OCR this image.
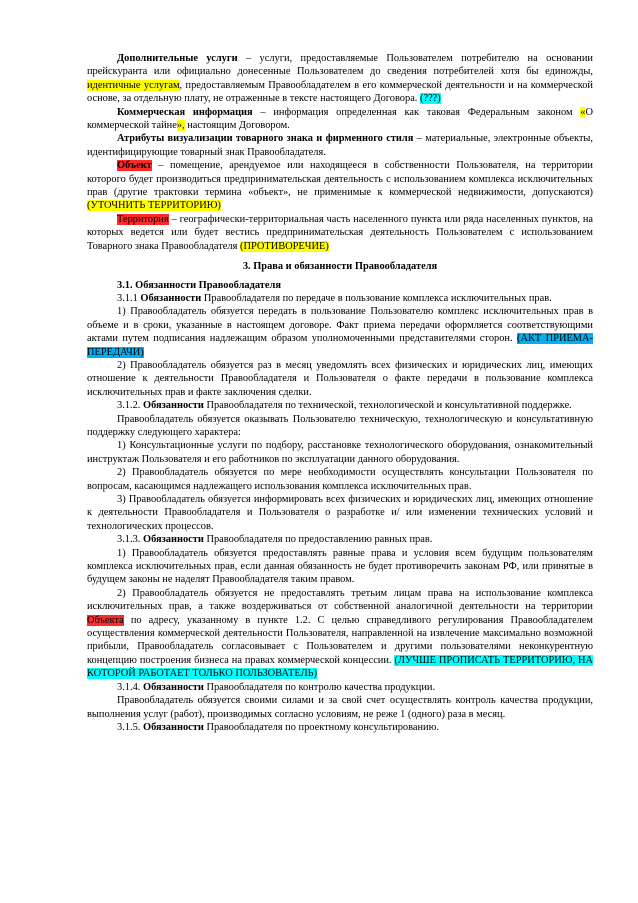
Дополнительные услуги – услуги, предоставляемые Пользователем потребителю на основании прейскуранта или официально донесенные Пользователем до сведения потребителей хотя бы единожды, идентичные услугам, предоставляемым Правообладателем в его коммерческой деятельности и на коммерческой основе, за отдельную плату, не отраженные в тексте настоящего Договора. (???)

Коммерческая информация – информация определенная как таковая Федеральным законом «О коммерческой тайне», настоящим Договором.

Атрибуты визуализации товарного знака и фирменного стиля – материальные, электронные объекты, идентифицирующие товарный знак Правообладателя.

Объект – помещение, арендуемое или находящееся в собственности Пользователя, на территории которого будет производиться предпринимательская деятельность с использованием комплекса исключительных прав (другие трактовки термина «объект», не применимые к коммерческой недвижимости, допускаются) (УТОЧНИТЬ ТЕРРИТОРИЮ)

Территория – географически-территориальная часть населенного пункта или ряда населенных пунктов, на которых ведется или будет вестись предпринимательская деятельность Пользователем с использованием Товарного знака Правообладателя (ПРОТИВОРЕЧИЕ)

3. Права и обязанности Правообладателя

3.1. Обязанности Правообладателя

3.1.1 Обязанности Правообладателя по передаче в пользование комплекса исключительных прав.

1) Правообладатель обязуется передать в пользование Пользователю комплекс исключительных прав в объеме и в сроки, указанные в настоящем договоре. Факт приема передачи оформляется соответствующими актами путем подписания надлежащим образом уполномоченными представителями сторон. (АКТ ПРИЕМА-ПЕРЕДАЧИ)

2) Правообладатель обязуется раз в месяц уведомлять всех физических и юридических лиц, имеющих отношение к деятельности Правообладателя и Пользователя о факте передачи в пользование комплекса исключительных прав и факте заключения сделки.

3.1.2. Обязанности Правообладателя по технической, технологической и консультативной поддержке.

Правообладатель обязуется оказывать Пользователю техническую, технологическую и консультативную поддержку следующего характера:

1) Консультационные услуги по подбору, расстановке технологического оборудования, ознакомительный инструктаж Пользователя и его работников по эксплуатации данного оборудования.

2) Правообладатель обязуется по мере необходимости осуществлять консультации Пользователя по вопросам, касающимся надлежащего использования комплекса исключительных прав.

3) Правообладатель обязуется информировать всех физических и юридических лиц, имеющих отношение к деятельности Правообладателя и Пользователя о разработке и/ или изменении технических условий и технологических процессов.

3.1.3. Обязанности Правообладателя по предоставлению равных прав.

1) Правообладатель обязуется предоставлять равные права и условия всем будущим пользователям комплекса исключительных прав, если данная обязанность не будет противоречить законам РФ, или принятые в будущем законы не наделят Правообладателя таким правом.

2) Правообладатель обязуется не предоставлять третьим лицам права на использование комплекса исключительных прав, а также воздерживаться от собственной аналогичной деятельности на территории Объекта по адресу, указанному в пункте 1.2. С целью справедливого регулирования Правообладателем осуществления коммерческой деятельности Пользователя, направленной на извлечение максимально возможной прибыли, Правообладатель согласовывает с Пользователем и другими пользователями неконкурентную концепцию построения бизнеса на правах коммерческой концессии. (ЛУЧШЕ ПРОПИСАТЬ ТЕРРИТОРИЮ, НА КОТОРОЙ РАБОТАЕТ ТОЛЬКО ПОЛЬЗОВАТЕЛЬ)

3.1.4. Обязанности Правообладателя по контролю качества продукции.

Правообладатель обязуется своими силами и за свой счет осуществлять контроль качества продукции, выполнения услуг (работ), производимых согласно условиям, не реже 1 (одного) раза в месяц.

3.1.5. Обязанности Правообладателя по проектному консультированию.
